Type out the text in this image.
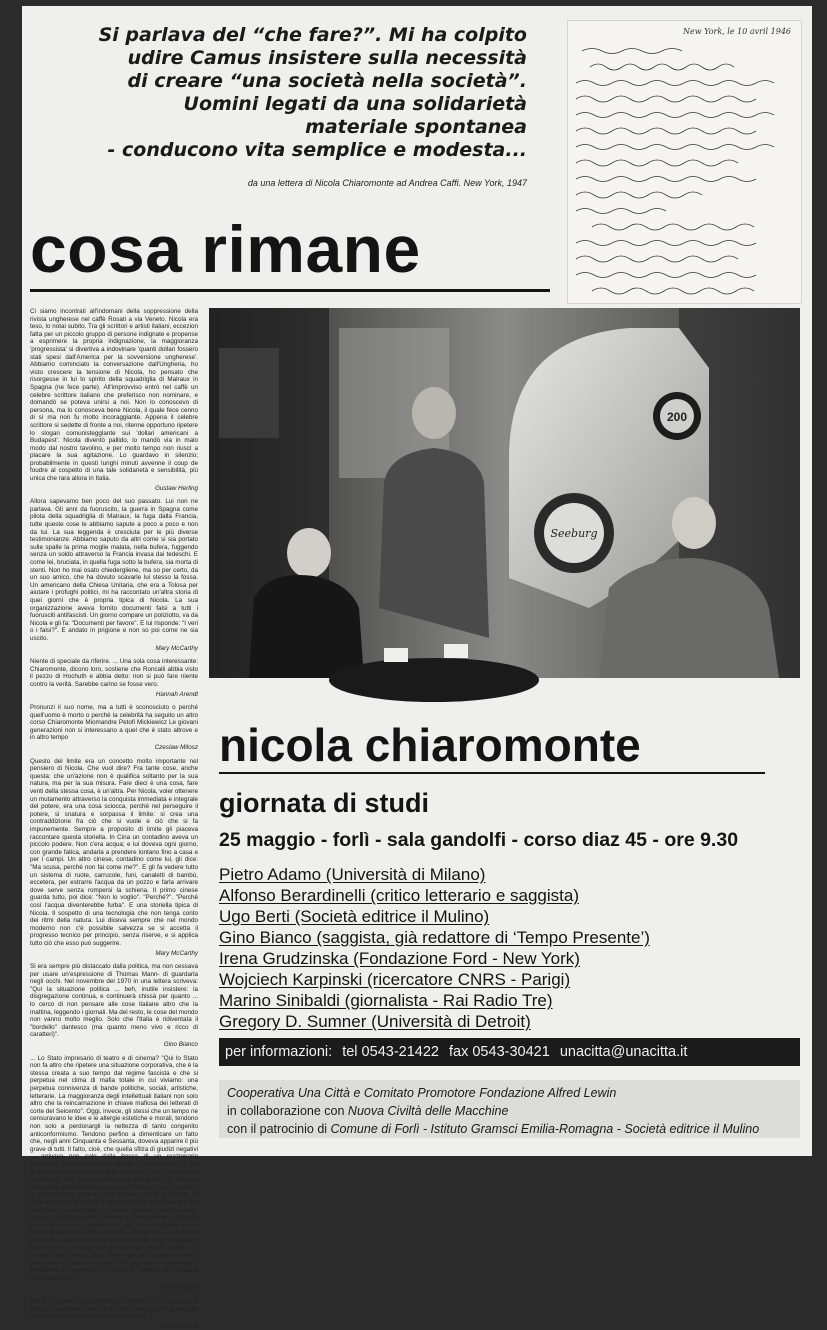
Si parlava del “che fare?”. Mi ha colpito
udire Camus insistere sulla necessità
di creare “una società nella società”.
Uomini legati da una solidarietà
materiale spontanea
- conducono vita semplice e modesta...
da una lettera di Nicola Chiaromonte ad Andrea Caffi. New York, 1947
New York, le 10 avril 1946
cosa rimane

Ci siamo incontrati all'indomani della soppressione della rivista ungherese nel caffè Rosati a via Veneto. Nicola era teso, lo notai subito. Tra gli scrittori e artisti italiani, eccezion fatta per un piccolo gruppo di persone indignate e propense a esprimere la propria indignazione, la maggioranza 'progressista' si divertiva a indovinare 'quanti dollari fossero stati spesi dall'America per la sovversione ungherese'. Abbiamo cominciato la conversazione dall'Ungheria, ho visto crescere la tensione di Nicola, ho pensato che risorgesse in lui lo spirito della squadriglia di Malraux in Spagna (ne fece parte). All'improvviso entrò nel caffè un celebre scrittore italiano che preferisco non nominare, e domandò se poteva unirsi a noi. Non lo conoscevo di persona, ma lo conosceva bene Nicola, il quale fece cenno di sì ma non fu molto incoraggiante. Appena il celebre scrittore si sedette di fronte a noi, ritenne opportuno ripetere lo slogan comunistegglante sui 'dollari americani a Budapest'. Nicola diventò pallido, lo mandò via in malo modo dal nostro tavolino, e per molto tempo non riuscì a placare la sua agitazione. Lo guardavo in silenzio; probabilmente in questi lunghi minuti avvenne il coup de foudre al cospetto di una tale solidarietà e sensibilità, più unica che rara allora in Italia.

Gustaw Herling

Allora sapevamo ben poco del suo passato. Lui non ne parlava. Gli anni da fuoruscito, la guerra in Spagna come pilota della squadriglia di Malraux, la fuga dalla Francia, tutte queste cose le abbiamo sapute a poco a poco e non da lui. La sua leggenda è cresciuta per le più diverse testimonianze. Abbiamo saputo da altri come si sia portato sulle spalle la prima moglie malata, nella bufera, fuggendo senza un soldo attraverso la Francia invasa dai tedeschi. E come lei, bruciata, in quella fuga sotto la bufera, sia morta di stenti. Non ho mai osato chiedergliene, ma so per certo, da un suo amico, che ha dovuto scavarle lui stesso la fossa. Un americano della Chiesa Unitaria, che era a Tolosa per aiutare i profughi politici, mi ha raccontato un'altra storia di quei giorni che è propria tipica di Nicola. La sua organizzazione aveva fornito documenti falsi a tutti i fuorusciti antifascisti. Un giorno compare un poliziotto, va da Nicola e gli fa: "Documenti per favore". E lui risponde: "I veri o i falsi?". E andato in prigione e non so poi come ne sia uscito.

Mary McCarthy

Niente di speciale da riferire. ... Una sola cosa interessante: Chiaromonte, dicono loro, sostiene che Roncalli abbia visto il pezzo di Hochuth e abbia detto: non si può fare niente contro la verità. Sarebbe carino se fosse vero.

Hannah Arendt

Pronunzi il suo nome, ma a tutti è sconosciuto o perché quell'uomo è morto o perché la celebrità ha seguito un altro corso Chiaromonte Miomandre Petofi Mickiewicz Le giovani generazioni non si interessano a quel che è stato altrove e in altro tempo

Czeslaw Milosz

Questo del limite era un concetto molto importante nel pensiero di Nicola. Che vuol dire? Fra tante cose, anche questa: che un'azione non è qualifica soltanto per la sua natura, ma per la sua misura. Fare dieci è una cosa, fare venti della stessa cosa, è un'altra. Per Nicola, voler ottenere un mutamento attraverso la conquista immediata e integrale del potere, era una cosa sciocca, perché nel perseguire il potere, si snatura e sorpassa il limite: si crea una contraddizione fra ciò che si vuole e ciò che si fa impunemente. Sempre a proposito di limite gli piaceva raccontare questa storiella. In Cina un contadino aveva un piccolo podere. Non c'era acqua; e lui doveva ogni giorno, con grande fatica, andarla a prendere lontano fino a casa e per i campi. Un altro cinese, contadino come lui, gli dice: "Ma scusa, perché non fai come me?". E gli fa vedere tutto un sistema di ruote, carrucole, funi, canaletti di bambù, eccetera, per estrarre l'acqua da un pozzo e farla arrivare dove serve senza rompersi la schiena. Il primo cinese guarda tutto, poi dice: "Non lo voglio". "Perché?". "Perché così l'acqua diventerebbe furba". E una storiella tipica di Nicola. Il sospetto di una tecnologia che non tenga conto dei ritmi della natura. Lui diceva sempre che nel mondo moderno non c'è possibile salvezza se si accetta il progresso tecnico per principio, senza riserve, e si applica tutto ciò che esso può suggerire.

Mary McCarthy

Si era sempre più distaccato dalla politica, ma non cessava per usare un'espressione di Thomas Mann- di guardarla negli occhi. Nel novembre del 1970 in una lettera scriveva: "Qui la situazione politica ... beh, inutile insistere: la disgregazione continua, e continuerà chissà per quanto ... lo cerco di non pensare alle cose italiane altro che la mattina, leggendo i giornali. Ma del resto, le cose del mondo non vanno molto meglio. Solo che l'Italia è ridiventata il "bordello" dantesco (ma quanto meno vivo e ricco di caratteri)".

Gino Bianco

... Lo Stato impresario di teatro e di cinema? "Qui lo Stato non fa altro che ripetere una situazione corporativa, che è la stessa creata a suo tempo dal regime fascista e che si perpetua nel clima di mafia totale in cui viviamo: una perpetua connivenza di bande politiche, sociali, artistiche, letterarie. La maggioranza degli intellettuali italiani non solo altro che la reincarnazione in chiave mafiosa dei letterati di corte del Seicento". Oggi, invece, gli stessi che un tempo ne censuravano le idee e le allergie estetiche e morali, tendono non solo a perdonargli la nettezza di tanto congenito anticonformismo. Tendono perfino a dimenticare un fatto che, negli anni Cinquanta e Sessanta, doveva apparire il più grave di tutti. Il fatto, cioè, che quella sfilza di giudizi negativi ... arrivava non solo dalla bocca di un reazionario blaterante, provinciale della mente e dallo spirito di un antifascista puro, un libertario coltissimo, un combattente sperticoato che aveva partecipato alla guerra di Spagna sulle tante volanti della squadriglia Malraux. Uno, insomma, a cui nessuno poteva rimproverare, come a Silone, di essere stato comunista e di essere poi diventato un 'ex' rancoroso, un rinnegato, un prete spretato. L'antifascismo, gli esili, le battaglie civili e militari di Chiaromonte in Spagna e in Francia erano adamantini; egli non emergeva come Silone dalla sentina del Komintern, ma veniva dal Giustizia e Libertà e dall'ambiente di Carlo Rosselli. Il suo travagliato itinerario ha coinciso con gli anni, gli eventi, politico, di cittadino del mondo, così simile per tanti aspetti a quello dell'amico e maestro Andrea Caffi, era stato interamente e limpidamente percorso su strade di sinistra tutte lontane dallo stalinismo...

Enzo Bettiza

Verrà un giorno, neanche troppo lontano, in cui la figura di Nicola Chiaromonte avrà uno spicco luminoso fra quelle dei migliori e maestri italiani del nostro tempo.

Paolo Milano

Seeburg
200
nicola chiaromonte
giornata di studi
25 maggio - forlì - sala gandolfi - corso diaz 45 - ore 9.30
Pietro Adamo (Università di Milano)
Alfonso Berardinelli (critico letterario e saggista)
Ugo Berti (Società editrice il Mulino)
Gino Bianco (saggista, già redattore di ‘Tempo Presente’)
Irena Grudzinska (Fondazione Ford - New York)
Wojciech Karpinski (ricercatore CNRS - Parigi)
Marino Sinibaldi (giornalista - Rai Radio Tre)
Gregory D. Sumner (Università di Detroit)
per informazioni: tel 0543-21422 fax 0543-30421 unacitta@unacitta.it
Cooperativa Una Città e Comitato Promotore Fondazione Alfred Lewin
in collaborazione con Nuova Civiltà delle Macchine
con il patrocinio di Comune di Forlì - Istituto Gramsci Emilia-Romagna - Società editrice il Mulino
